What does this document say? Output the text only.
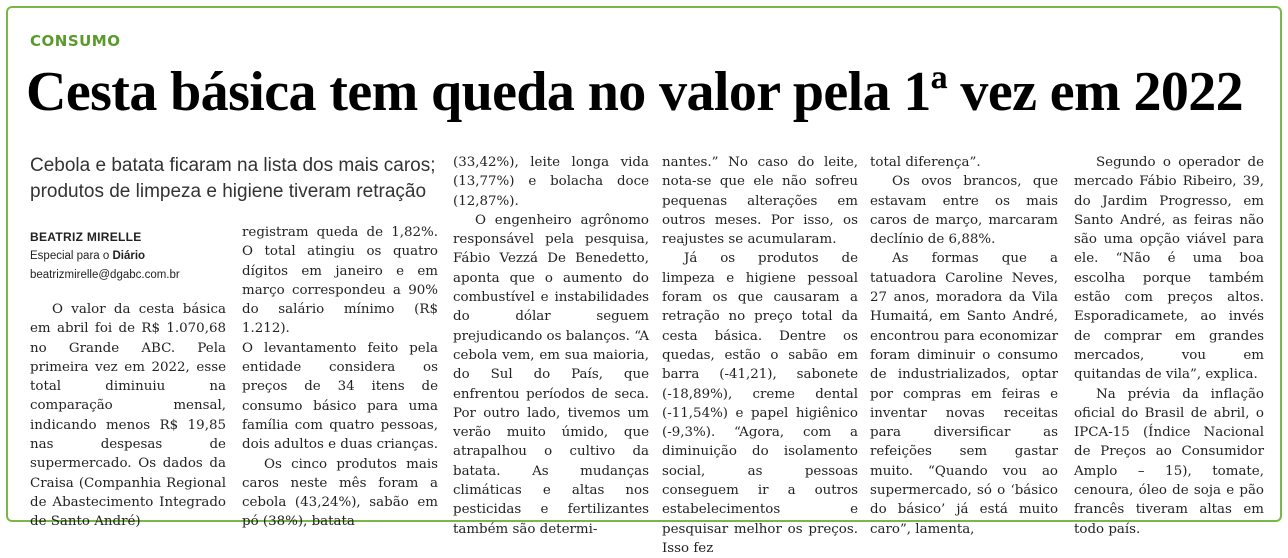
CONSUMO
Cesta básica tem queda no valor pela 1ª vez em 2022
Cebola e batata ficaram na lista dos mais caros; produtos de limpeza e higiene tiveram retração
BEATRIZ MIRELLE
Especial para o Diário
beatrizmirelle@dgabc.com.br

O valor da cesta básica em abril foi de R$ 1.070,68 no Grande ABC. Pela primeira vez em 2022, esse total diminuiu na comparação mensal, indicando menos R$ 19,85 nas despesas de supermercado. Os dados da Craisa (Companhia Regional de Abastecimento Integrado de Santo André)

registram queda de 1,82%. O total atingiu os quatro dígitos em janeiro e em março correspondeu a 90% do salário mínimo (R$ 1.212).

O levantamento feito pela entidade considera os preços de 34 itens de consumo básico para uma família com quatro pessoas, dois adultos e duas crianças.

Os cinco produtos mais caros neste mês foram a cebola (43,24%), sabão em pó (38%), batata

(33,42%), leite longa vida (13,77%) e bolacha doce (12,87%).

O engenheiro agrônomo responsável pela pesquisa, Fábio Vezzá De Benedetto, aponta que o aumento do combustível e instabilidades do dólar seguem prejudicando os balanços. “A cebola vem, em sua maioria, do Sul do País, que enfrentou períodos de seca. Por outro lado, tivemos um verão muito úmido, que atrapalhou o cultivo da batata. As mudanças climáticas e altas nos pesticidas e fertilizantes também são determi-

nantes.” No caso do leite, nota-se que ele não sofreu pequenas alterações em outros meses. Por isso, os reajustes se acumularam.

Já os produtos de limpeza e higiene pessoal foram os que causaram a retração no preço total da cesta básica. Dentre os quedas, estão o sabão em barra (-41,21), sabonete (-18,89%), creme dental (-11,54%) e papel higiênico (-9,3%). “Agora, com a diminuição do isolamento social, as pessoas conseguem ir a outros estabelecimentos e pesquisar melhor os preços. Isso fez

total diferença”.

Os ovos brancos, que estavam entre os mais caros de março, marcaram declínio de 6,88%.

As formas que a tatuadora Caroline Neves, 27 anos, moradora da Vila Humaitá, em Santo André, encontrou para economizar foram diminuir o consumo de industrializados, optar por compras em feiras e inventar novas receitas para diversificar as refeições sem gastar muito. “Quando vou ao supermercado, só o ‘básico do básico’ já está muito caro”, lamenta,

Segundo o operador de mercado Fábio Ribeiro, 39, do Jardim Progresso, em Santo André, as feiras não são uma opção viável para ele. “Não é uma boa escolha porque também estão com preços altos. Esporadicamete, ao invés de comprar em grandes mercados, vou em quitandas de vila”, explica.

Na prévia da inflação oficial do Brasil de abril, o IPCA-15 (Índice Nacional de Preços ao Consumidor Amplo – 15), tomate, cenoura, óleo de soja e pão francês tiveram altas em todo país.
